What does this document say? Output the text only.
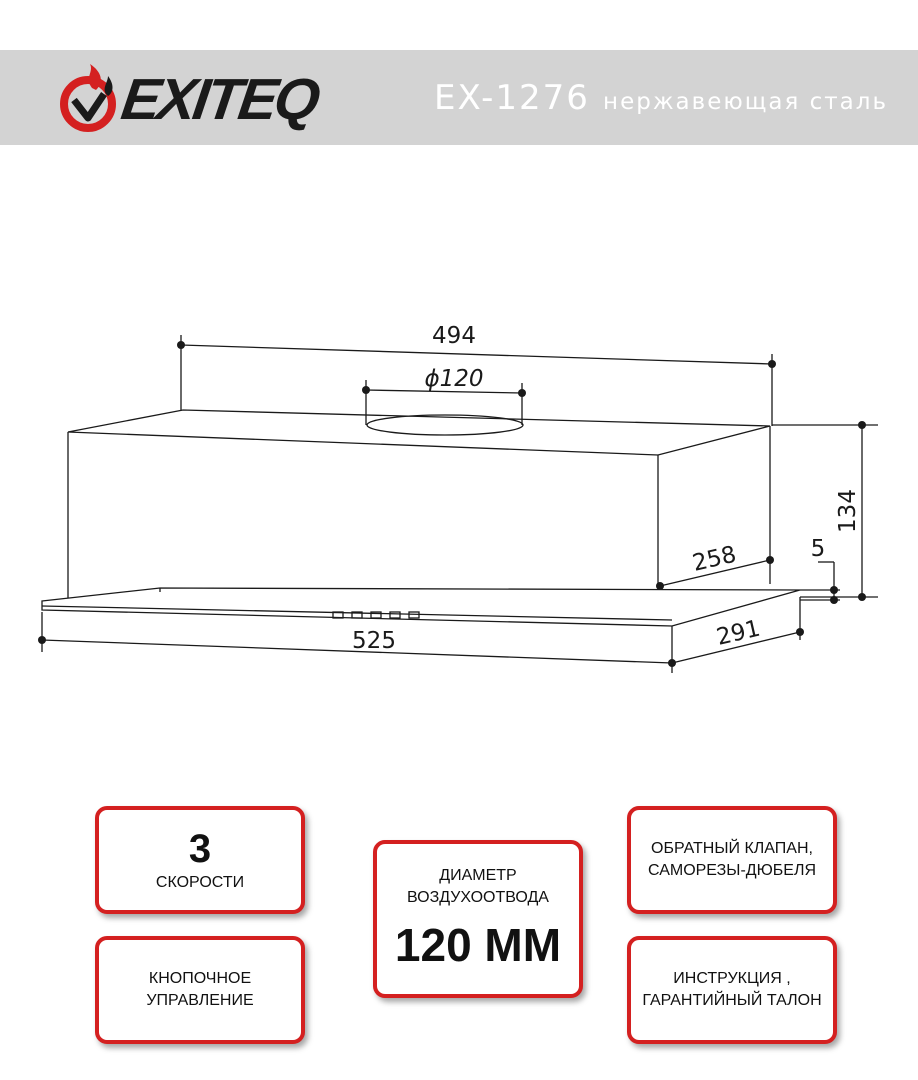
EXITEQ	EX-1276 нержавеющая сталь
494
ϕ120
134
258	5
525	291
3
СКОРОСТИ
КНОПОЧНОЕ
УПРАВЛЕНИЕ
ДИАМЕТР
ВОЗДУХООТВОДА
120 ММ
ОБРАТНЫЙ КЛАПАН,
САМОРЕЗЫ-ДЮБЕЛЯ
ИНСТРУКЦИЯ ,
ГАРАНТИЙНЫЙ ТАЛОН
